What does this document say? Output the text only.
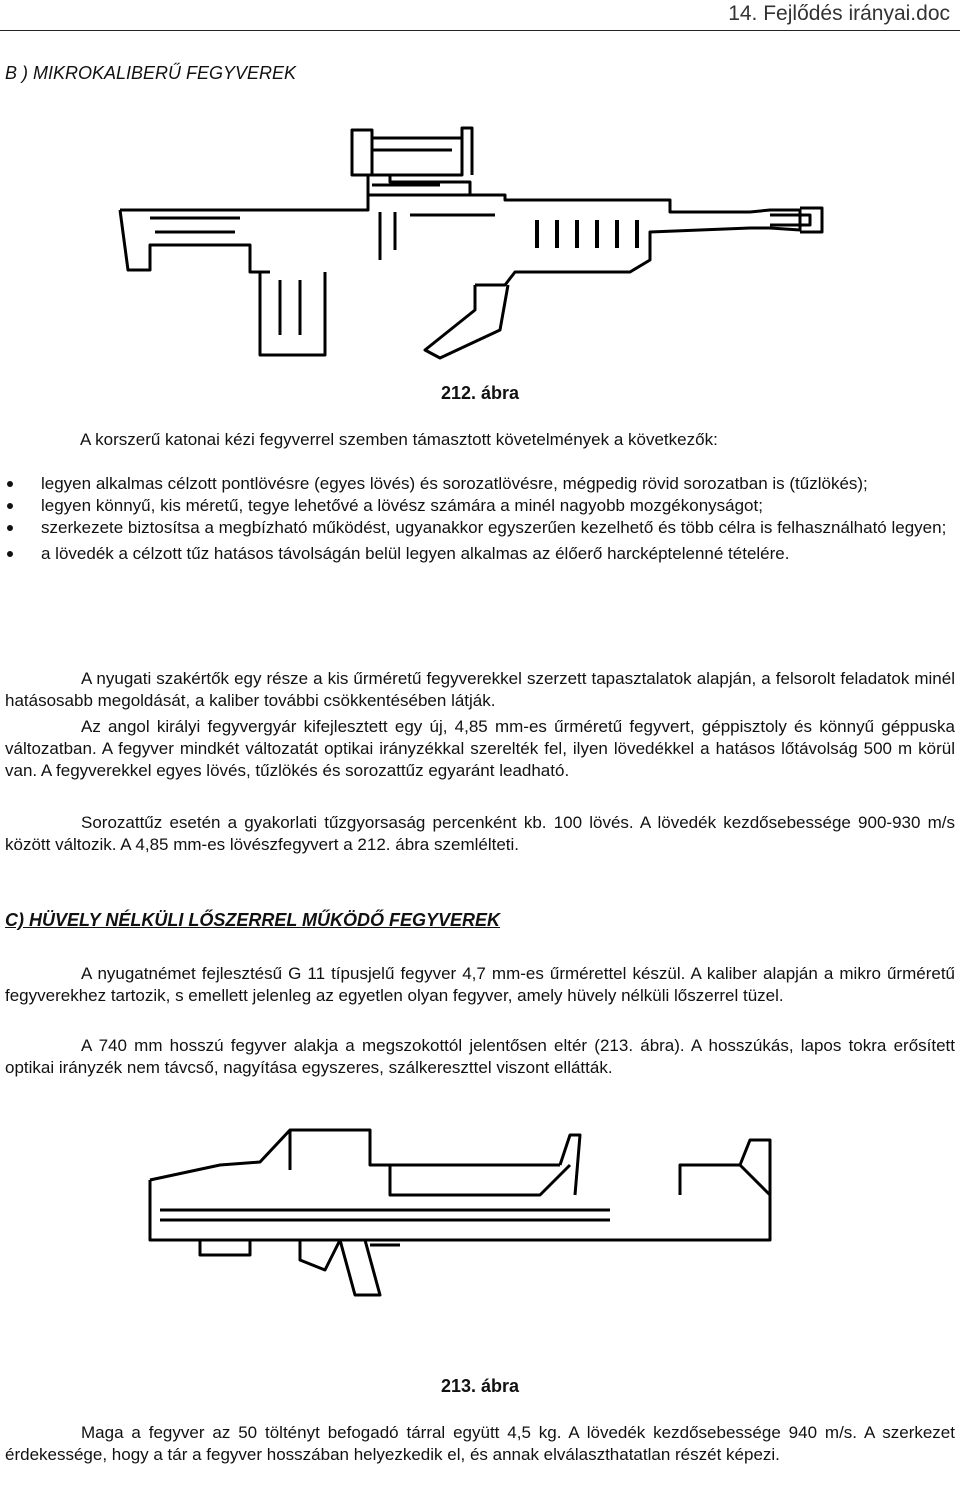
14. Fejlődés irányai.doc
B ) MIKROKALIBERŰ FEGYVEREK
212. ábra
A korszerű katonai kézi fegyverrel szemben támasztott követelmények a következők:
legyen alkalmas célzott pontlövésre (egyes lövés) és sorozatlövésre, mégpedig rövid sorozatban is (tűzlökés);
legyen könnyű, kis méretű, tegye lehetővé a lövész számára a minél nagyobb mozgékonyságot;
szerkezete biztosítsa a megbízható működést, ugyanakkor egyszerűen kezelhető és több célra is felhasználható legyen;
a lövedék a célzott tűz hatásos távolságán belül legyen alkalmas az élőerő harcképtelenné tételére.
A nyugati szakértők egy része a kis űrméretű fegyverekkel szerzett tapasztalatok alapján, a felsorolt feladatok minél hatásosabb megoldását, a kaliber további csökkentésében látják.
Az angol királyi fegyvergyár kifejlesztett egy új, 4,85 mm-es űrméretű fegyvert, géppisztoly és könnyű géppuska változatban. A fegyver mindkét változatát optikai irányzékkal szerelték fel, ilyen lövedékkel a hatásos lőtávolság 500 m körül van. A fegyverekkel egyes lövés, tűzlökés és sorozattűz egyaránt leadható.
Sorozattűz esetén a gyakorlati tűzgyorsaság percenként kb. 100 lövés. A lövedék kezdősebessége 900-930 m/s között változik. A 4,85 mm-es lövészfegyvert a 212. ábra szemlélteti.
C) HÜVELY NÉLKÜLI LŐSZERREL MŰKÖDŐ FEGYVEREK
A nyugatnémet fejlesztésű G 11 típusjelű fegyver 4,7 mm-es űrmérettel készül. A kaliber alapján a mikro űrméretű fegyverekhez tartozik, s emellett jelenleg az egyetlen olyan fegyver, amely hüvely nélküli lőszerrel tüzel.
A 740 mm hosszú fegyver alakja a megszokottól jelentősen eltér (213. ábra). A hosszúkás, lapos tokra erősített optikai irányzék nem távcső, nagyítása egyszeres, szálkereszttel viszont ellátták.
213. ábra
Maga a fegyver az 50 töltényt befogadó tárral együtt 4,5 kg. A lövedék kezdősebessége 940 m/s. A szerkezet érdekessége, hogy a tár a fegyver hosszában helyezkedik el, és annak elválaszthatatlan részét képezi.
